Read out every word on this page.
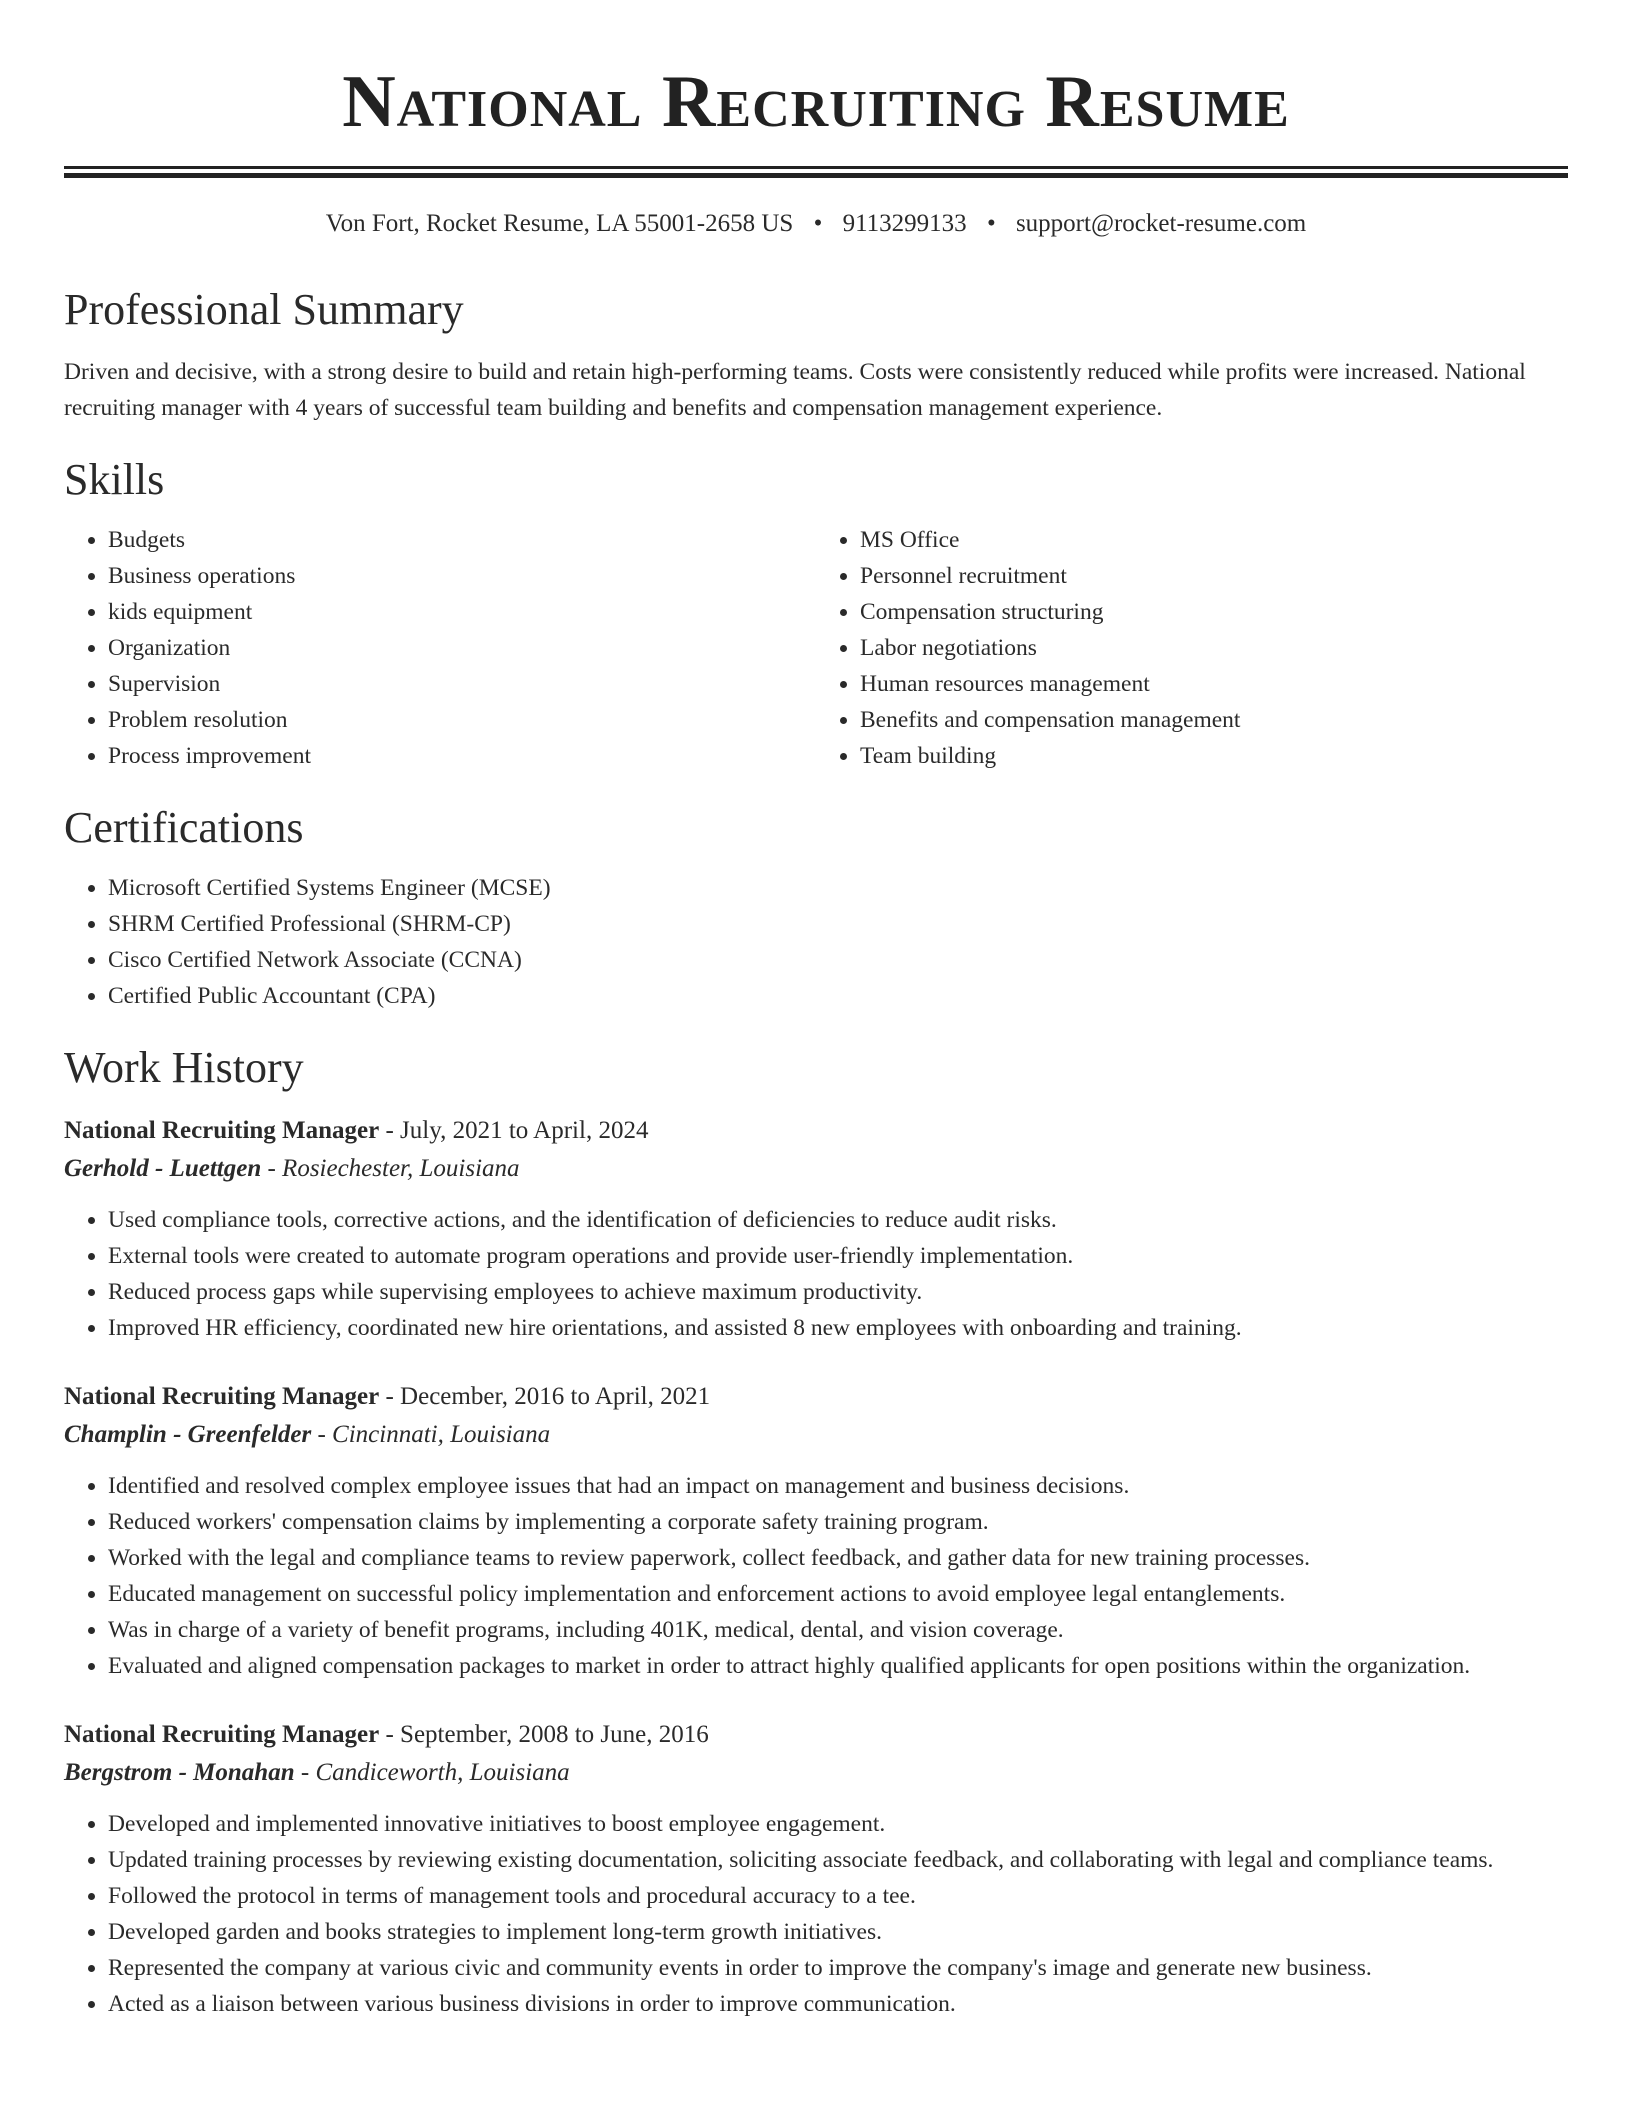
National Recruiting Resume
Von Fort, Rocket Resume, LA 55001-2658 US • 9113299133 • support@rocket-resume.com
Professional Summary
Driven and decisive, with a strong desire to build and retain high-performing teams. Costs were consistently reduced while profits were increased. National recruiting manager with 4 years of successful team building and benefits and compensation management experience.
Skills
• Budgets
• Business operations
• kids equipment
• Organization
• Supervision
• Problem resolution
• Process improvement
• MS Office
• Personnel recruitment
• Compensation structuring
• Labor negotiations
• Human resources management
• Benefits and compensation management
• Team building
Certifications
• Microsoft Certified Systems Engineer (MCSE)
• SHRM Certified Professional (SHRM-CP)
• Cisco Certified Network Associate (CCNA)
• Certified Public Accountant (CPA)
Work History
National Recruiting Manager - July, 2021 to April, 2024
Gerhold - Luettgen - Rosiechester, Louisiana
• Used compliance tools, corrective actions, and the identification of deficiencies to reduce audit risks.
• External tools were created to automate program operations and provide user-friendly implementation.
• Reduced process gaps while supervising employees to achieve maximum productivity.
• Improved HR efficiency, coordinated new hire orientations, and assisted 8 new employees with onboarding and training.
National Recruiting Manager - December, 2016 to April, 2021
Champlin - Greenfelder - Cincinnati, Louisiana
• Identified and resolved complex employee issues that had an impact on management and business decisions.
• Reduced workers' compensation claims by implementing a corporate safety training program.
• Worked with the legal and compliance teams to review paperwork, collect feedback, and gather data for new training processes.
• Educated management on successful policy implementation and enforcement actions to avoid employee legal entanglements.
• Was in charge of a variety of benefit programs, including 401K, medical, dental, and vision coverage.
• Evaluated and aligned compensation packages to market in order to attract highly qualified applicants for open positions within the organization.
National Recruiting Manager - September, 2008 to June, 2016
Bergstrom - Monahan - Candiceworth, Louisiana
• Developed and implemented innovative initiatives to boost employee engagement.
• Updated training processes by reviewing existing documentation, soliciting associate feedback, and collaborating with legal and compliance teams.
• Followed the protocol in terms of management tools and procedural accuracy to a tee.
• Developed garden and books strategies to implement long-term growth initiatives.
• Represented the company at various civic and community events in order to improve the company's image and generate new business.
• Acted as a liaison between various business divisions in order to improve communication.
